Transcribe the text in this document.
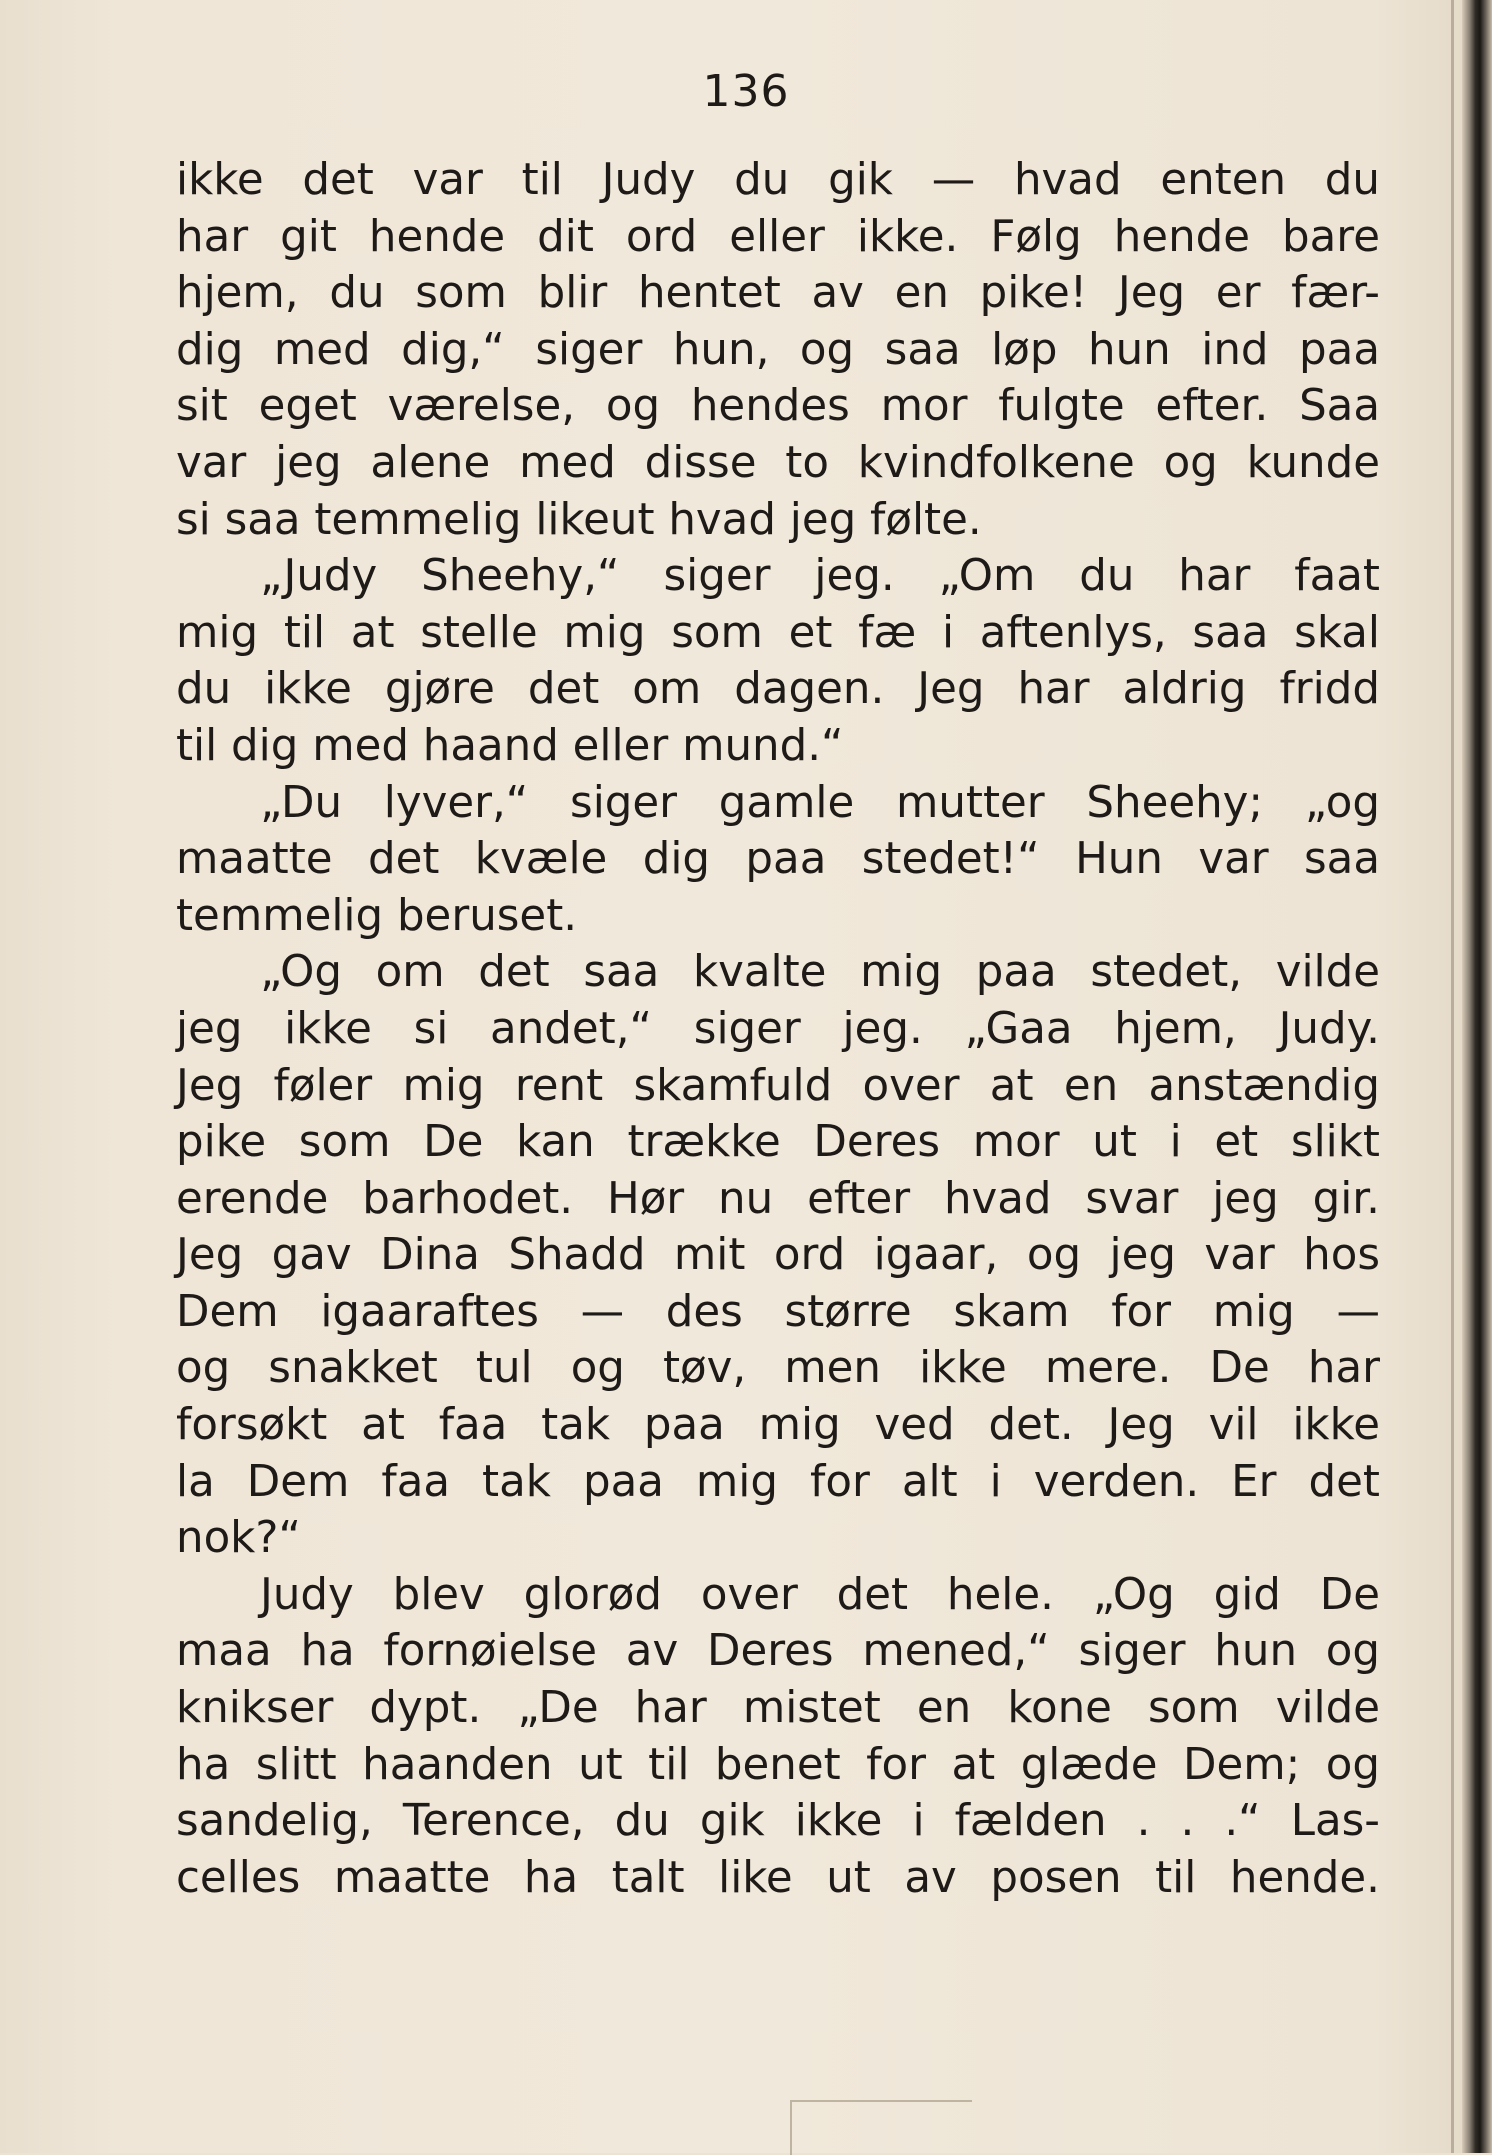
136
ikke det var til Judy du gik — hvad enten du
har git hende dit ord eller ikke. Følg hende bare
hjem, du som blir hentet av en pike! Jeg er fær-
dig med dig,“ siger hun, og saa løp hun ind paa
sit eget værelse, og hendes mor fulgte efter. Saa
var jeg alene med disse to kvindfolkene og kunde
si saa temmelig likeut hvad jeg følte.
„Judy Sheehy,“ siger jeg. „Om du har faat
mig til at stelle mig som et fæ i aftenlys, saa skal
du ikke gjøre det om dagen. Jeg har aldrig fridd
til dig med haand eller mund.“
„Du lyver,“ siger gamle mutter Sheehy; „og
maatte det kvæle dig paa stedet!“ Hun var saa
temmelig beruset.
„Og om det saa kvalte mig paa stedet, vilde
jeg ikke si andet,“ siger jeg. „Gaa hjem, Judy.
Jeg føler mig rent skamfuld over at en anstændig
pike som De kan trække Deres mor ut i et slikt
erende barhodet. Hør nu efter hvad svar jeg gir.
Jeg gav Dina Shadd mit ord igaar, og jeg var hos
Dem igaaraftes — des større skam for mig —
og snakket tul og tøv, men ikke mere. De har
forsøkt at faa tak paa mig ved det. Jeg vil ikke
la Dem faa tak paa mig for alt i verden. Er det
nok?“
Judy blev glorød over det hele. „Og gid De
maa ha fornøielse av Deres mened,“ siger hun og
knikser dypt. „De har mistet en kone som vilde
ha slitt haanden ut til benet for at glæde Dem; og
sandelig, Terence, du gik ikke i fælden . . .“ Las-
celles maatte ha talt like ut av posen til hende.
